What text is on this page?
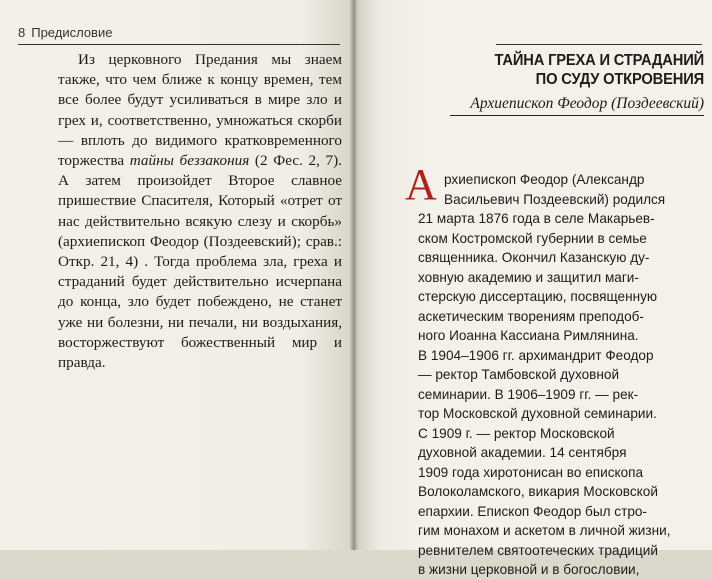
8 Предисловие

Из церковного Предания мы знаем также, что чем ближе к концу времен, тем все более будут усиливаться в мире зло и грех и, соответственно, умножаться скорби — вплоть до видимого кратковременного торжества тайны беззакония (2 Фес. 2, 7). А затем произойдет Второе славное пришествие Спасителя, Который «отрет от нас действительно всякую слезу и скорбь» (архиепископ Феодор (Поздеевский); срав.: Откр. 21, 4) . Тогда проблема зла, греха и страданий будет действительно исчерпана до конца, зло будет побеждено, не станет уже ни болезни, ни печали, ни воздыхания, восторжествуют божественный мир и правда.

ТАЙНА ГРЕХА И СТРАДАНИЙ
ПО СУДУ ОТКРОВЕНИЯ
Архиепископ Феодор (Поздеевский)
А рхиепископ Феодор (Александр
Васильевич Поздеевский) родился
21 марта 1876 года в селе Макарьев-
ском Костромской губернии в семье
священника. Окончил Казанскую ду-
ховную академию и защитил маги-
стерскую диссертацию, посвященную
аскетическим творениям преподоб-
ного Иоанна Кассиана Римлянина.
В 1904–1906 гг. архимандрит Феодор
— ректор Тамбовской духовной
семинарии. В 1906–1909 гг. — рек-
тор Московской духовной семинарии.
С 1909 г. — ректор Московской
духовной академии. 14 сентября
1909 года хиротонисан во епископа
Волоколамского, викария Московской
епархии. Епископ Феодор был стро-
гим монахом и аскетом в личной жизни,
ревнителем святоотеческих традиций
в жизни церковной и в богословии,
